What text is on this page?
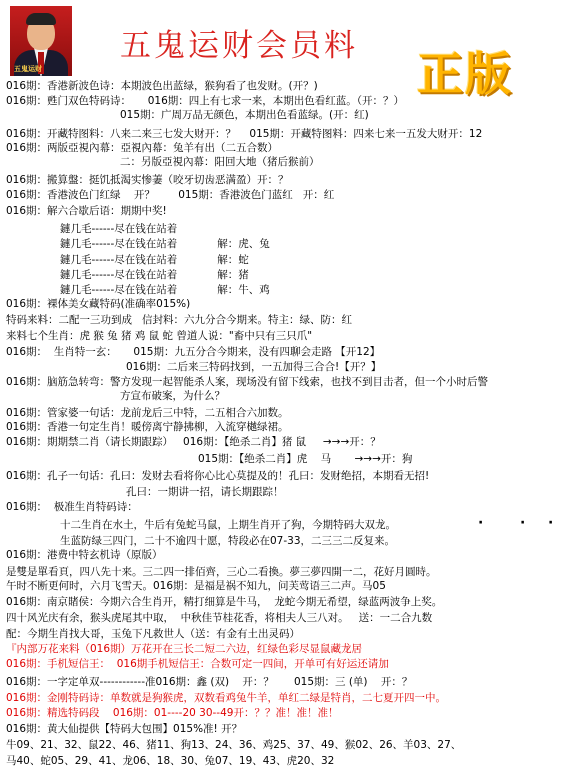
五鬼运财
五鬼运财会员料
正版
016期：香港新波色诗：本期波色出蓝绿，猴狗看了也发财。(开？)
016期：甦门双色特码诗：     016期：四上有七求一来，本期出色看红蓝。（开：？）
015期：广周万品无颜色，本期出色看蓝绿。(开：红)
016期：开藏特图料：八来二来三七发大财开：？    015期：开藏特图料：四来七来一五发大财开：12
016期：两版亞視內幕：亞視內幕：兔羊有出（二五合数）
二：另版亞視內幕：阳回大地（猪后猴前）
016期：搬算盤：挺饥抵渴实惨萋（咬牙切齿恶满盈）开：？
016期：香港波色门红绿    开？       015期：香港波色门蓝红   开：红
016期：解六合歇后语：期期中奖!
鏈几毛------尽在钱在站着
鏈几毛------尽在钱在站着            解：虎、兔
鏈几毛------尽在钱在站着            解：蛇
鏈几毛------尽在钱在站着            解：猪
鏈几毛------尽在钱在站着            解：牛、鸡
016期：裸体美女藏特码(准确率015%)
特码来料：二配一三功到成   信封料：六九分合今期来。特主：绿、防：红
来料七个生肖：虎 猴 兔 猪 鸡 鼠 蛇 曾道人说："畜中只有三只爪"
016期：  生肖特一玄：     015期：九五分合今期来，没有四聊会走路 【开12】
016期：二后来三特码找到，一五加得三合合!【开？】
016期：脑筋急转弯：警方发现一起智能杀人案，现场没有留下线索，也找不到目击者，但一个小时后警
方宣布破案，为什么？
016期：管家婆一句话：龙前龙后三中特，二五相合六加数。
016期：香港一句定生肖！暖傍离宁静拂柳，入流穿樾绿裙。
016期：期期禁二肖（请长期跟踪）   016期：【绝杀二肖】猪 鼠     →→→开：？
015期：【绝杀二肖】虎    马       →→→开：狗
016期：孔子一句话：孔曰：发财去看将你心比心莫提及的！孔曰：发财绝招，本期看无招!
孔曰：一期讲一招，请长期跟踪！
016期：  极准生肖特码诗：
十二生肖在水土，牛后有兔蛇马鼠，上期生肖开了狗，今期特码大双龙。
生蓝防绿三四门，二十不逾四十愿，特段必在07-33，二三三二反复来。
016期：港费中特玄机诗（原版）
是雙是單看頁，四八先十来。三二四一排佰齊，三心二看換。夢三夢四開一二，花好月圓時。
午时不断更何时，六月飞雪天。016期：是福是祸不知九，问芙莺语三二声。马05
016期：南京賭侯：今期六合生肖开，精打细算是牛马，  龙蛇今期无希望，绿蓝两波争上奖。
四十风光庆有余，猴头虎尾其中取，  中秋佳节桂花香，将相夫人三八对。   送：一二合九数
配：今期生肖找大哥，玉兔下凡救世人（送：有金有土出灵码）
『内部万花来料（016期）万花开在三长二短二六边，红绿色彩尽显鼠藏龙居
016期：手机短信王：  016期手机短信王：合数可定一四间，开单可有好运还请加
016期：一字定单双------------准016期：鑫 (双)    开：？      015期：三 (单)    开：？
016期：金刚特码诗：单数就是狗猴虎，双数看鸡兔牛羊，单红二绿是特肖，二七夏开四一中。
016期：精选特码段    016期：01----20 30--49开：？？准！准！准！
016期：黄大仙提供【特码大包围】015%准! 开？
牛09、21、32、鼠22、46、猪11、狗13、24、36、鸡25、37、49、猴02、26、羊03、27、
马40、蛇05、29、41、龙06、18、30、兔07、19、43、虎20、32
·	· ·
